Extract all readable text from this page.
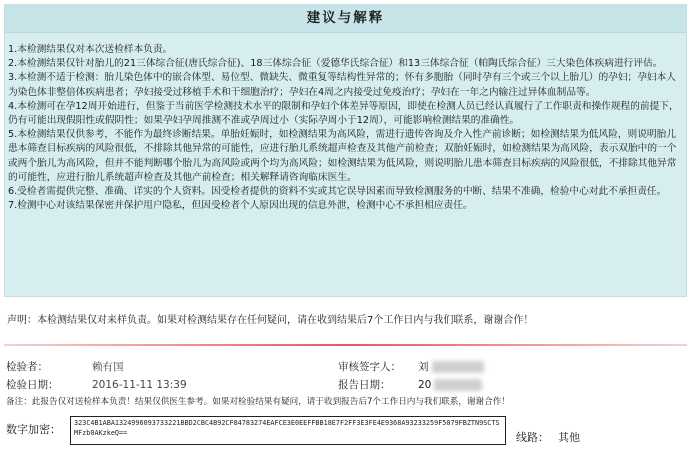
建议与解释

1.本检测结果仅对本次送检样本负责。

2.本检测结果仅针对胎儿的21三体综合征(唐氏综合征)、18三体综合征（爱德华氏综合征）和13三体综合征（帕陶氏综合征）三大染色体疾病进行评估。

3.本检测不适于检测：胎儿染色体中的嵌合体型、易位型、微缺失、微重复等结构性异常的；怀有多胞胎（同时孕有三个或三个以上胎儿）的孕妇；孕妇本人为染色体非整倍体疾病患者；孕妇接受过移植手术和干细胞治疗；孕妇在4周之内接受过免疫治疗；孕妇在一年之内输注过异体血制品等。

4.本检测可在孕12周开始进行，但鉴于当前医学检测技术水平的限制和孕妇个体差异等原因，即使在检测人员已经认真履行了工作职责和操作规程的前提下，仍有可能出现假阳性或假阴性；如果孕妇孕周推测不准或孕周过小（实际孕周小于12周），可能影响检测结果的准确性。

5.本检测结果仅供参考，不能作为最终诊断结果。单胎妊娠时，如检测结果为高风险，需进行遗传咨询及介入性产前诊断；如检测结果为低风险，则说明胎儿患本筛查目标疾病的风险很低，不排除其他异常的可能性，应进行胎儿系统超声检查及其他产前检查；双胎妊娠时，如检测结果为高风险，表示双胎中的一个或两个胎儿为高风险，但并不能判断哪个胎儿为高风险或两个均为高风险；如检测结果为低风险，则说明胎儿患本筛查目标疾病的风险很低，不排除其他异常的可能性，应进行胎儿系统超声检查及其他产前检查；相关解释请咨询临床医生。

6.受检者需提供完整、准确、详实的个人资料。因受检者提供的资料不实或其它误导因素而导致检测服务的中断、结果不准确，检验中心对此不承担责任。

7.检测中心对该结果保密并保护用户隐私，但因受检者个人原因出现的信息外泄，检测中心不承担相应责任。

声明：本检测结果仅对来样负责。如果对检测结果存在任何疑问，请在收到结果后7个工作日内与我们联系，谢谢合作！
检验者：	赖有国	审核签字人： 刘
检验日期：	2016-11-11 13:39	报告日期：	20
备注：此报告仅对送检样本负责！结果仅供医生参考。如果对检验结果有疑问，请于收到报告后7个工作日内与我们联系，谢谢合作！
数字加密：	323C4B1ABA1324996093733221BBD2CBC4B92CF84783274EAFCE3E0EEFFBB18E7F2FF3E3FE4E9368A93233259F5079FBZTN9SCTSMFzb0AKzkeQ==	线路： 其他
